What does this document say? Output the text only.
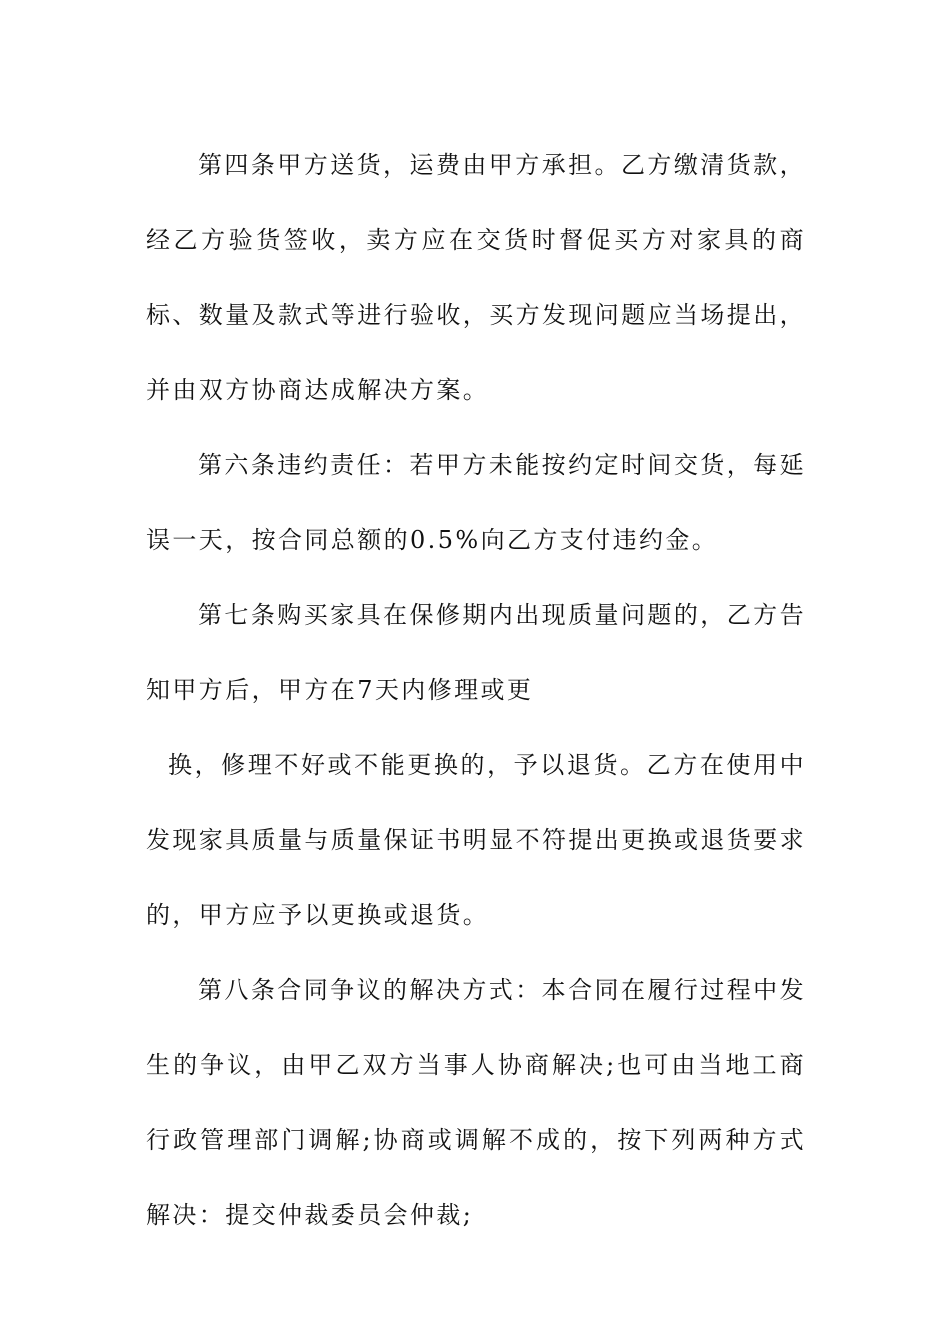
第四条甲方送货，运费由甲方承担。乙方缴清货款，经乙方验货签收，卖方应在交货时督促买方对家具的商标、数量及款式等进行验收，买方发现问题应当场提出，并由双方协商达成解决方案。

第六条违约责任：若甲方未能按约定时间交货，每延误一天，按合同总额的0.5%向乙方支付违约金。

第七条购买家具在保修期内出现质量问题的，乙方告知甲方后，甲方在7天内修理或更

换，修理不好或不能更换的，予以退货。乙方在使用中发现家具质量与质量保证书明显不符提出更换或退货要求的，甲方应予以更换或退货。

第八条合同争议的解决方式：本合同在履行过程中发生的争议，由甲乙双方当事人协商解决;也可由当地工商行政管理部门调解;协商或调解不成的，按下列两种方式解决：提交仲裁委员会仲裁;
